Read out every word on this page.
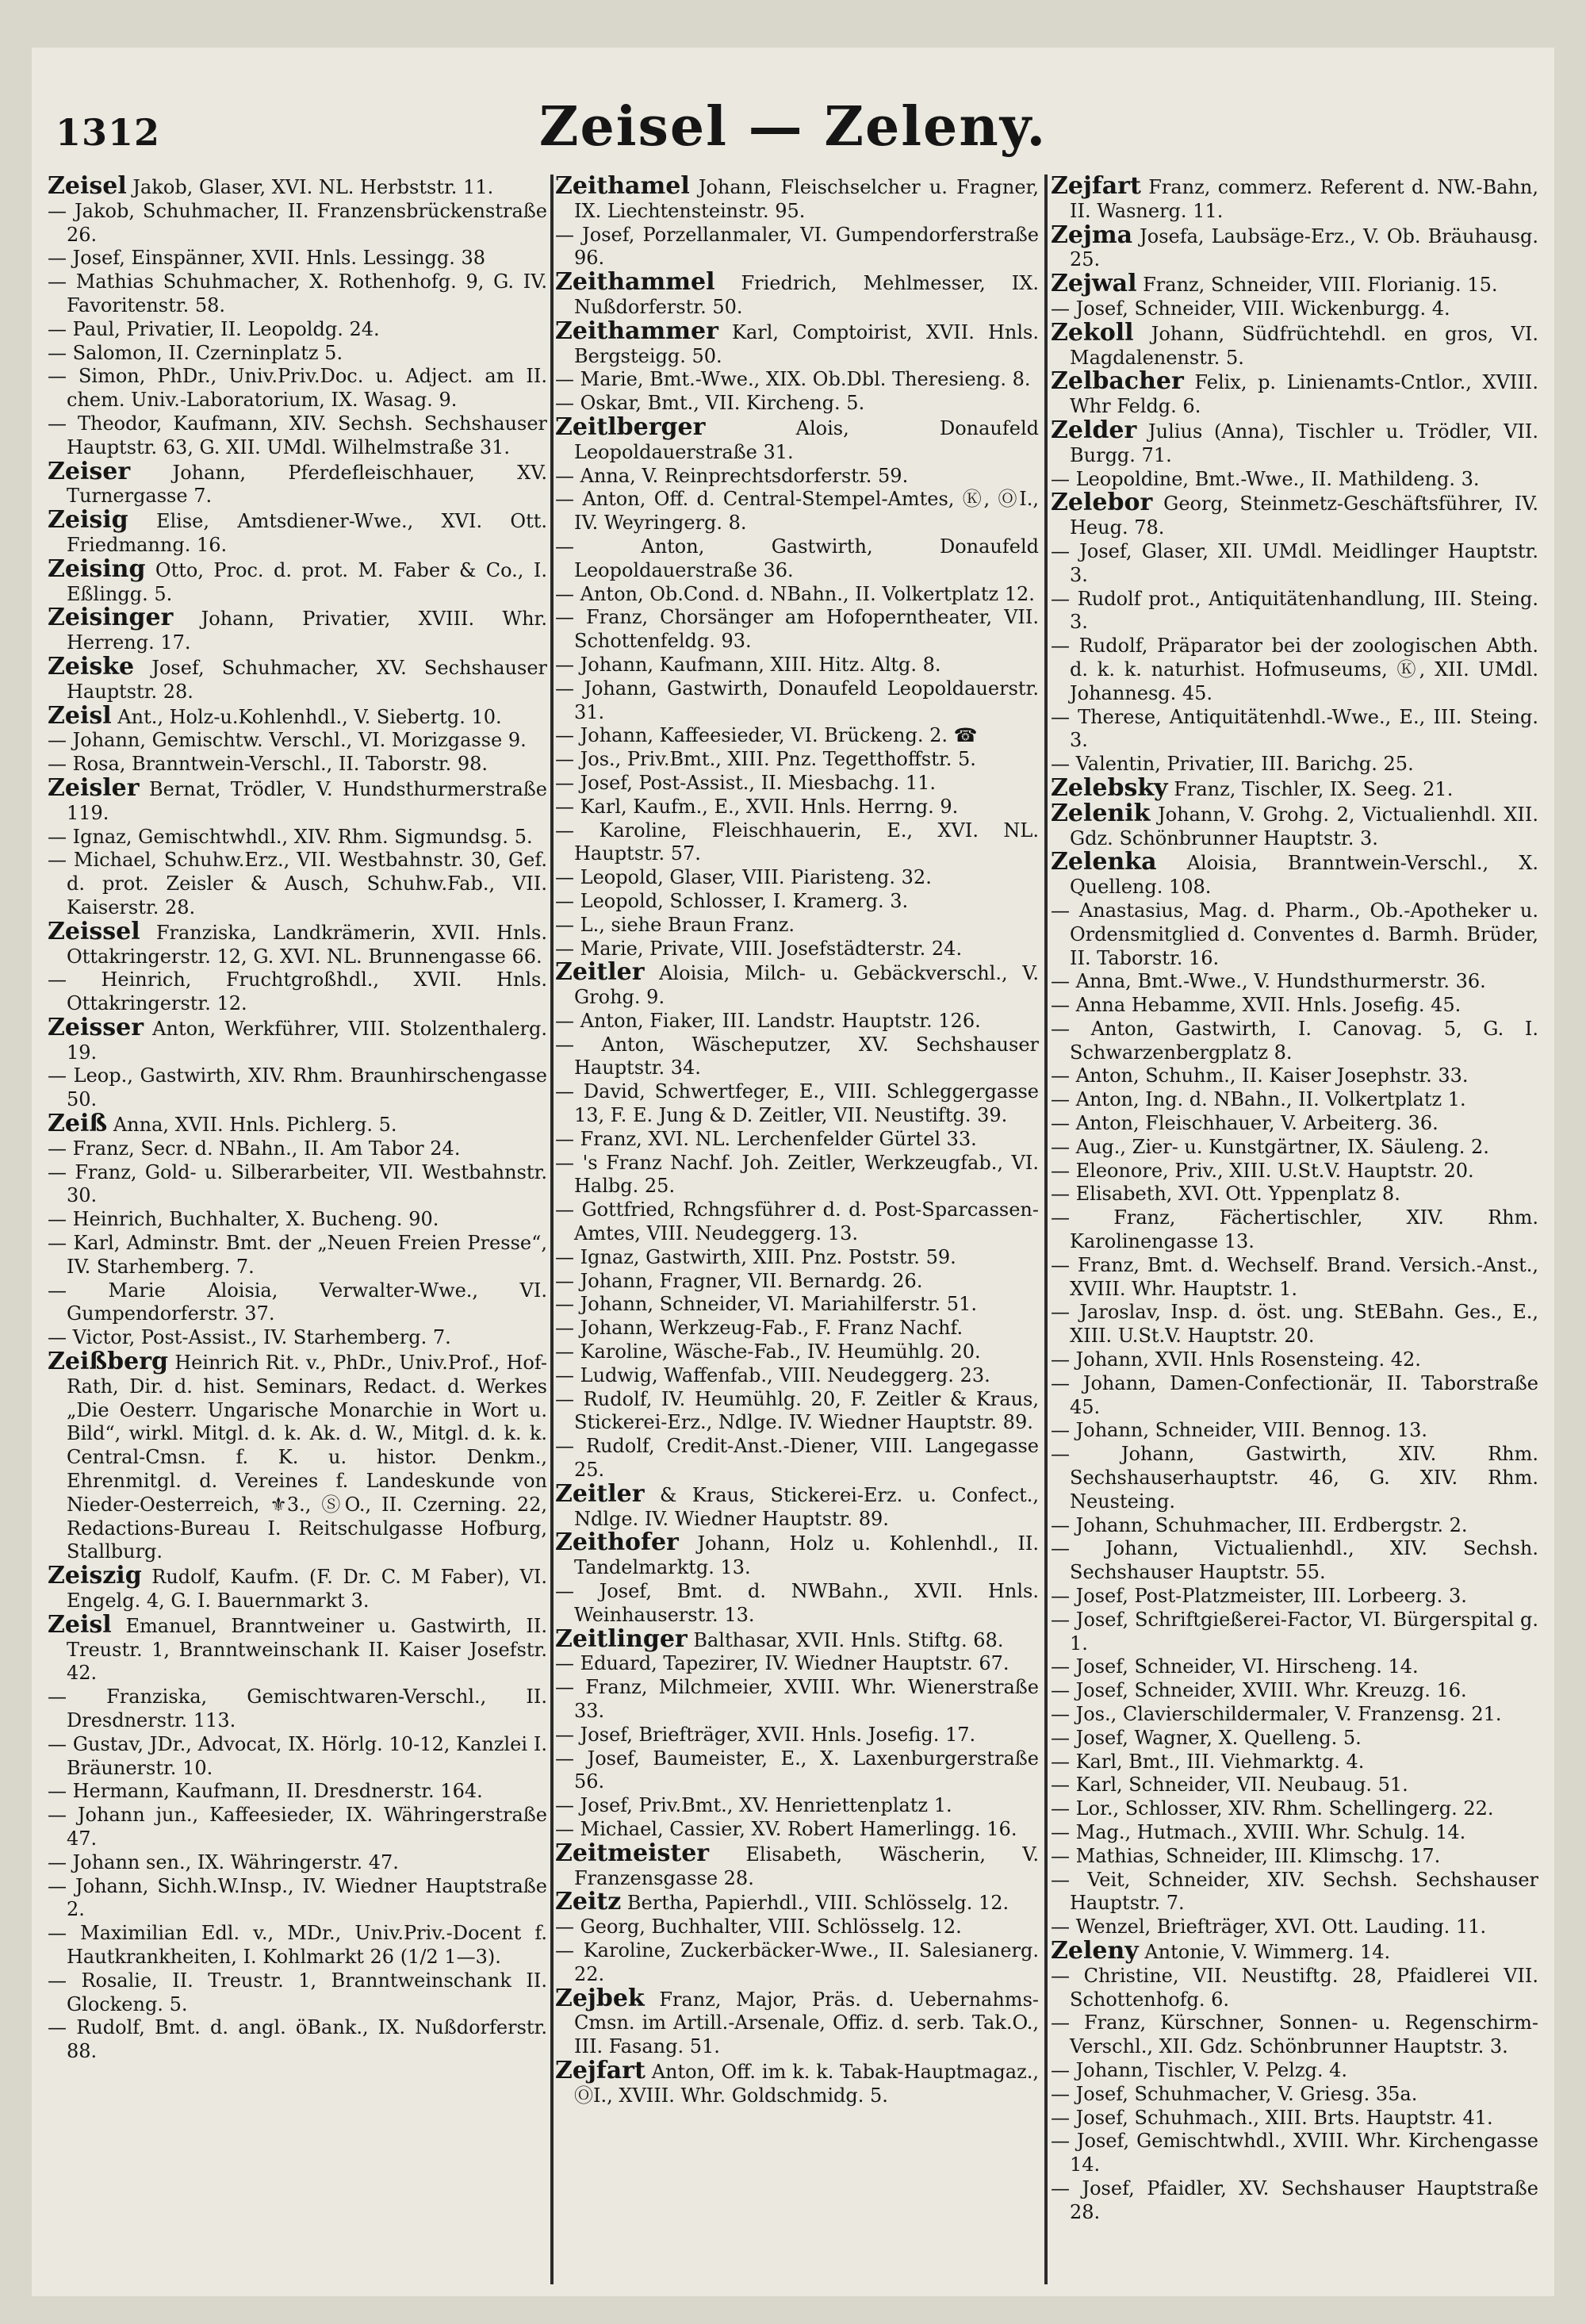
1312	Zeisel — Zeleny.

Zeisel Jakob, Glaser, XVI. NL. Herbststr. 11.

— Jakob, Schuhmacher, II. Franzensbrückenstraße 26.

— Josef, Einspänner, XVII. Hnls. Lessingg. 38

— Mathias Schuhmacher, X. Rothenhofg. 9, G. IV. Favoritenstr. 58.

— Paul, Privatier, II. Leopoldg. 24.

— Salomon, II. Czerninplatz 5.

— Simon, PhDr., Univ.Priv.Doc. u. Adject. am II. chem. Univ.-Laboratorium, IX. Wasag. 9.

— Theodor, Kaufmann, XIV. Sechsh. Sechshauser Hauptstr. 63, G. XII. UMdl. Wilhelmstraße 31.

Zeiser Johann, Pferdefleischhauer, XV. Turnergasse 7.

Zeisig Elise, Amtsdiener-Wwe., XVI. Ott. Friedmanng. 16.

Zeising Otto, Proc. d. prot. M. Faber & Co., I. Eßlingg. 5.

Zeisinger Johann, Privatier, XVIII. Whr. Herreng. 17.

Zeiske Josef, Schuhmacher, XV. Sechshauser Hauptstr. 28.

Zeisl Ant., Holz-u.Kohlenhdl., V. Siebertg. 10.

— Johann, Gemischtw. Verschl., VI. Morizgasse 9.

— Rosa, Branntwein-Verschl., II. Taborstr. 98.

Zeisler Bernat, Trödler, V. Hundsthurmerstraße 119.

— Ignaz, Gemischtwhdl., XIV. Rhm. Sigmundsg. 5.

— Michael, Schuhw.Erz., VII. Westbahnstr. 30, Gef. d. prot. Zeisler & Ausch, Schuhw.Fab., VII. Kaiserstr. 28.

Zeissel Franziska, Landkrämerin, XVII. Hnls. Ottakringerstr. 12, G. XVI. NL. Brunnengasse 66.

— Heinrich, Fruchtgroßhdl., XVII. Hnls. Ottakringerstr. 12.

Zeisser Anton, Werkführer, VIII. Stolzenthalerg. 19.

— Leop., Gastwirth, XIV. Rhm. Braunhirschengasse 50.

Zeiß Anna, XVII. Hnls. Pichlerg. 5.

— Franz, Secr. d. NBahn., II. Am Tabor 24.

— Franz, Gold- u. Silberarbeiter, VII. Westbahnstr. 30.

— Heinrich, Buchhalter, X. Bucheng. 90.

— Karl, Adminstr. Bmt. der „Neuen Freien Presse“, IV. Starhemberg. 7.

— Marie Aloisia, Verwalter-Wwe., VI. Gumpendorferstr. 37.

— Victor, Post-Assist., IV. Starhemberg. 7.

Zeißberg Heinrich Rit. v., PhDr., Univ.Prof., Hof-Rath, Dir. d. hist. Seminars, Redact. d. Werkes „Die Oesterr. Ungarische Monarchie in Wort u. Bild“, wirkl. Mitgl. d. k. Ak. d. W., Mitgl. d. k. k. Central-Cmsn. f. K. u. histor. Denkm., Ehrenmitgl. d. Vereines f. Landeskunde von Nieder-Oesterreich, ⚜3., ⓈO., II. Czerning. 22, Redactions-Bureau I. Reitschulgasse Hofburg, Stallburg.

Zeiszig Rudolf, Kaufm. (F. Dr. C. M Faber), VI. Engelg. 4, G. I. Bauernmarkt 3.

Zeisl Emanuel, Branntweiner u. Gastwirth, II. Treustr. 1, Branntweinschank II. Kaiser Josefstr. 42.

— Franziska, Gemischtwaren-Verschl., II. Dresdnerstr. 113.

— Gustav, JDr., Advocat, IX. Hörlg. 10-12, Kanzlei I. Bräunerstr. 10.

— Hermann, Kaufmann, II. Dresdnerstr. 164.

— Johann jun., Kaffeesieder, IX. Währingerstraße 47.

— Johann sen., IX. Währingerstr. 47.

— Johann, Sichh.W.Insp., IV. Wiedner Hauptstraße 2.

— Maximilian Edl. v., MDr., Univ.Priv.-Docent f. Hautkrankheiten, I. Kohlmarkt 26 (1/2 1—3).

— Rosalie, II. Treustr. 1, Branntweinschank II. Glockeng. 5.

— Rudolf, Bmt. d. angl. öBank., IX. Nußdorferstr. 88.

Zeithamel Johann, Fleischselcher u. Fragner, IX. Liechtensteinstr. 95.

— Josef, Porzellanmaler, VI. Gumpendorferstraße 96.

Zeithammel Friedrich, Mehlmesser, IX. Nußdorferstr. 50.

Zeithammer Karl, Comptoirist, XVII. Hnls. Bergsteigg. 50.

— Marie, Bmt.-Wwe., XIX. Ob.Dbl. Theresieng. 8.

— Oskar, Bmt., VII. Kircheng. 5.

Zeitlberger Alois, Donaufeld Leopoldauerstraße 31.

— Anna, V. Reinprechtsdorferstr. 59.

— Anton, Off. d. Central-Stempel-Amtes, Ⓚ, ⓄI., IV. Weyringerg. 8.

— Anton, Gastwirth, Donaufeld Leopoldauerstraße 36.

— Anton, Ob.Cond. d. NBahn., II. Volkertplatz 12.

— Franz, Chorsänger am Hofoperntheater, VII. Schottenfeldg. 93.

— Johann, Kaufmann, XIII. Hitz. Altg. 8.

— Johann, Gastwirth, Donaufeld Leopoldauerstr. 31.

— Johann, Kaffeesieder, VI. Brückeng. 2. ☎

— Jos., Priv.Bmt., XIII. Pnz. Tegetthoffstr. 5.

— Josef, Post-Assist., II. Miesbachg. 11.

— Karl, Kaufm., E., XVII. Hnls. Herrng. 9.

— Karoline, Fleischhauerin, E., XVI. NL. Hauptstr. 57.

— Leopold, Glaser, VIII. Piaristeng. 32.

— Leopold, Schlosser, I. Kramerg. 3.

— L., siehe Braun Franz.

— Marie, Private, VIII. Josefstädterstr. 24.

Zeitler Aloisia, Milch- u. Gebäckverschl., V. Grohg. 9.

— Anton, Fiaker, III. Landstr. Hauptstr. 126.

— Anton, Wäscheputzer, XV. Sechshauser Hauptstr. 34.

— David, Schwertfeger, E., VIII. Schleggergasse 13, F. E. Jung & D. Zeitler, VII. Neustiftg. 39.

— Franz, XVI. NL. Lerchenfelder Gürtel 33.

— 's Franz Nachf. Joh. Zeitler, Werkzeugfab., VI. Halbg. 25.

— Gottfried, Rchngsführer d. d. Post-Sparcassen-Amtes, VIII. Neudeggerg. 13.

— Ignaz, Gastwirth, XIII. Pnz. Poststr. 59.

— Johann, Fragner, VII. Bernardg. 26.

— Johann, Schneider, VI. Mariahilferstr. 51.

— Johann, Werkzeug-Fab., F. Franz Nachf.

— Karoline, Wäsche-Fab., IV. Heumühlg. 20.

— Ludwig, Waffenfab., VIII. Neudeggerg. 23.

— Rudolf, IV. Heumühlg. 20, F. Zeitler & Kraus, Stickerei-Erz., Ndlge. IV. Wiedner Hauptstr. 89.

— Rudolf, Credit-Anst.-Diener, VIII. Langegasse 25.

Zeitler & Kraus, Stickerei-Erz. u. Confect., Ndlge. IV. Wiedner Hauptstr. 89.

Zeithofer Johann, Holz u. Kohlenhdl., II. Tandelmarktg. 13.

— Josef, Bmt. d. NWBahn., XVII. Hnls. Weinhauserstr. 13.

Zeitlinger Balthasar, XVII. Hnls. Stiftg. 68.

— Eduard, Tapezirer, IV. Wiedner Hauptstr. 67.

— Franz, Milchmeier, XVIII. Whr. Wienerstraße 33.

— Josef, Briefträger, XVII. Hnls. Josefig. 17.

— Josef, Baumeister, E., X. Laxenburgerstraße 56.

— Josef, Priv.Bmt., XV. Henriettenplatz 1.

— Michael, Cassier, XV. Robert Hamerlingg. 16.

Zeitmeister Elisabeth, Wäscherin, V. Franzensgasse 28.

Zeitz Bertha, Papierhdl., VIII. Schlösselg. 12.

— Georg, Buchhalter, VIII. Schlösselg. 12.

— Karoline, Zuckerbäcker-Wwe., II. Salesianerg. 22.

Zejbek Franz, Major, Präs. d. Uebernahms-Cmsn. im Artill.-Arsenale, Offiz. d. serb. Tak.O., III. Fasang. 51.

Zejfart Anton, Off. im k. k. Tabak-Hauptmagaz., ⓄI., XVIII. Whr. Goldschmidg. 5.

Zejfart Franz, commerz. Referent d. NW.-Bahn, II. Wasnerg. 11.

Zejma Josefa, Laubsäge-Erz., V. Ob. Bräuhausg. 25.

Zejwal Franz, Schneider, VIII. Florianig. 15.

— Josef, Schneider, VIII. Wickenburgg. 4.

Zekoll Johann, Südfrüchtehdl. en gros, VI. Magdalenenstr. 5.

Zelbacher Felix, p. Linienamts-Cntlor., XVIII. Whr Feldg. 6.

Zelder Julius (Anna), Tischler u. Trödler, VII. Burgg. 71.

— Leopoldine, Bmt.-Wwe., II. Mathildeng. 3.

Zelebor Georg, Steinmetz-Geschäftsführer, IV. Heug. 78.

— Josef, Glaser, XII. UMdl. Meidlinger Hauptstr. 3.

— Rudolf prot., Antiquitätenhandlung, III. Steing. 3.

— Rudolf, Präparator bei der zoologischen Abth. d. k. k. naturhist. Hofmuseums, Ⓚ, XII. UMdl. Johannesg. 45.

— Therese, Antiquitätenhdl.-Wwe., E., III. Steing. 3.

— Valentin, Privatier, III. Barichg. 25.

Zelebsky Franz, Tischler, IX. Seeg. 21.

Zelenik Johann, V. Grohg. 2, Victualienhdl. XII. Gdz. Schönbrunner Hauptstr. 3.

Zelenka Aloisia, Branntwein-Verschl., X. Quelleng. 108.

— Anastasius, Mag. d. Pharm., Ob.-Apotheker u. Ordensmitglied d. Conventes d. Barmh. Brüder, II. Taborstr. 16.

— Anna, Bmt.-Wwe., V. Hundsthurmerstr. 36.

— Anna Hebamme, XVII. Hnls. Josefig. 45.

— Anton, Gastwirth, I. Canovag. 5, G. I. Schwarzenbergplatz 8.

— Anton, Schuhm., II. Kaiser Josephstr. 33.

— Anton, Ing. d. NBahn., II. Volkertplatz 1.

— Anton, Fleischhauer, V. Arbeiterg. 36.

— Aug., Zier- u. Kunstgärtner, IX. Säuleng. 2.

— Eleonore, Priv., XIII. U.St.V. Hauptstr. 20.

— Elisabeth, XVI. Ott. Yppenplatz 8.

— Franz, Fächertischler, XIV. Rhm. Karolinengasse 13.

— Franz, Bmt. d. Wechself. Brand. Versich.-Anst., XVIII. Whr. Hauptstr. 1.

— Jaroslav, Insp. d. öst. ung. StEBahn. Ges., E., XIII. U.St.V. Hauptstr. 20.

— Johann, XVII. Hnls Rosensteing. 42.

— Johann, Damen-Confectionär, II. Taborstraße 45.

— Johann, Schneider, VIII. Bennog. 13.

— Johann, Gastwirth, XIV. Rhm. Sechshauserhauptstr. 46, G. XIV. Rhm. Neusteing.

— Johann, Schuhmacher, III. Erdbergstr. 2.

— Johann, Victualienhdl., XIV. Sechsh. Sechshauser Hauptstr. 55.

— Josef, Post-Platzmeister, III. Lorbeerg. 3.

— Josef, Schriftgießerei-Factor, VI. Bürgerspital g. 1.

— Josef, Schneider, VI. Hirscheng. 14.

— Josef, Schneider, XVIII. Whr. Kreuzg. 16.

— Jos., Clavierschildermaler, V. Franzensg. 21.

— Josef, Wagner, X. Quelleng. 5.

— Karl, Bmt., III. Viehmarktg. 4.

— Karl, Schneider, VII. Neubaug. 51.

— Lor., Schlosser, XIV. Rhm. Schellingerg. 22.

— Mag., Hutmach., XVIII. Whr. Schulg. 14.

— Mathias, Schneider, III. Klimschg. 17.

— Veit, Schneider, XIV. Sechsh. Sechshauser Hauptstr. 7.

— Wenzel, Briefträger, XVI. Ott. Lauding. 11.

Zeleny Antonie, V. Wimmerg. 14.

— Christine, VII. Neustiftg. 28, Pfaidlerei VII. Schottenhofg. 6.

— Franz, Kürschner, Sonnen- u. Regenschirm-Verschl., XII. Gdz. Schönbrunner Hauptstr. 3.

— Johann, Tischler, V. Pelzg. 4.

— Josef, Schuhmacher, V. Griesg. 35a.

— Josef, Schuhmach., XIII. Brts. Hauptstr. 41.

— Josef, Gemischtwhdl., XVIII. Whr. Kirchengasse 14.

— Josef, Pfaidler, XV. Sechshauser Hauptstraße 28.
